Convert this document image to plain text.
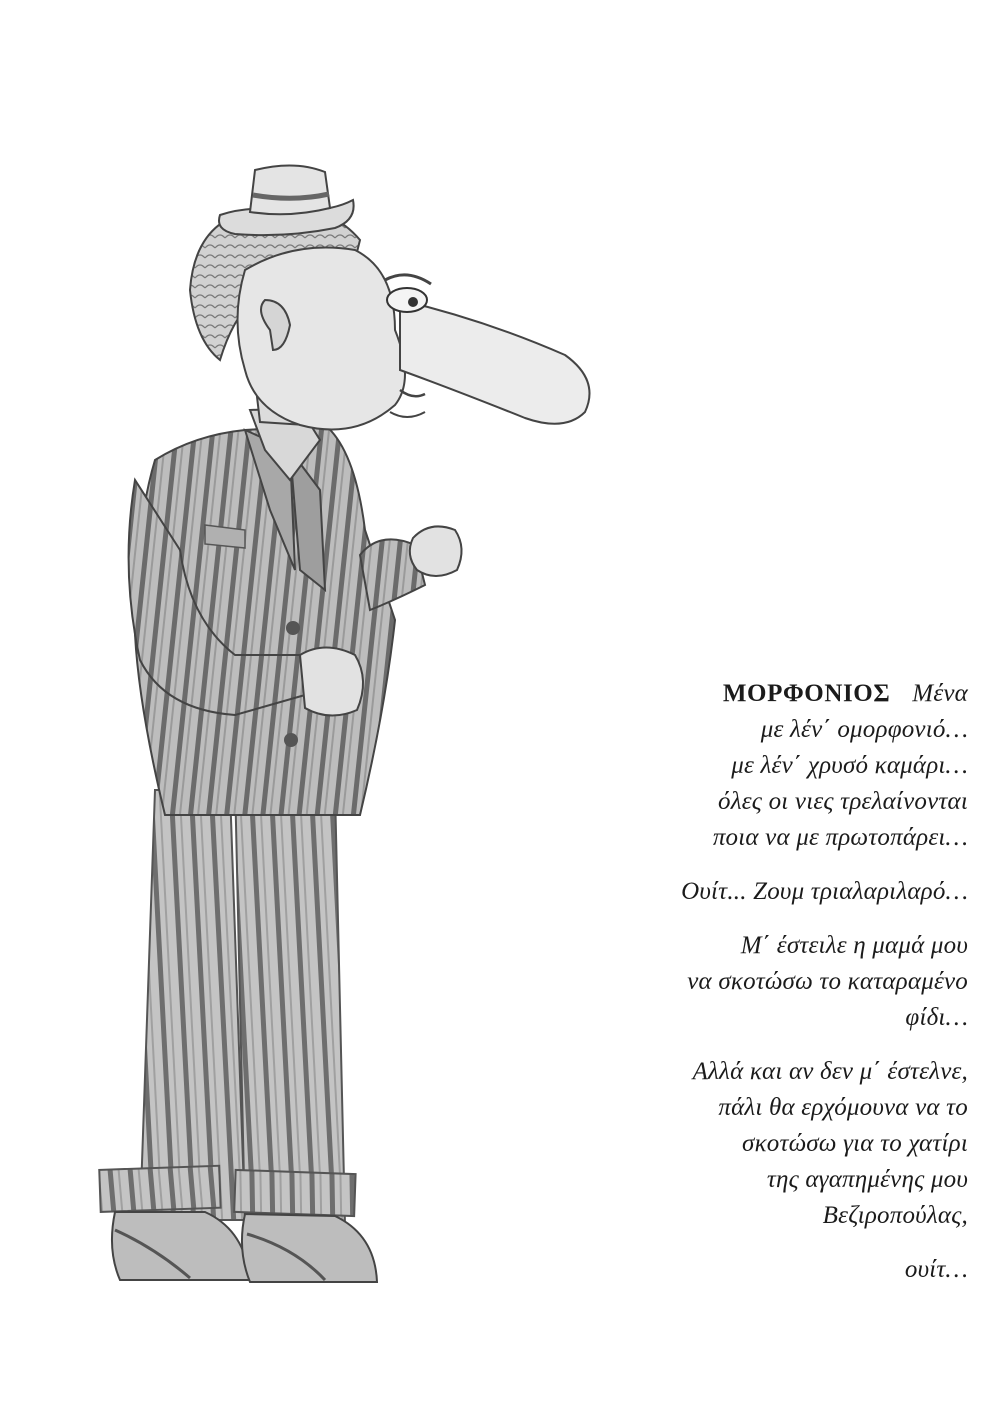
ΜΟΡΦΟΝΙΟΣ Μένα
με λέν΄ ομορφονιό…
με λέν΄ χρυσό καμάρι…
όλες οι νιες τρελαίνονται
ποια να με πρωτοπάρει…
Ουίτ... Ζουμ τριαλαριλαρό…
Μ΄ έστειλε η μαμά μου
να σκοτώσω το καταραμένο
φίδι…
Αλλά και αν δεν μ΄ έστελνε,
πάλι θα ερχόμουνα να το
σκοτώσω για το χατίρι
της αγαπημένης μου
Βεζιροπούλας,
ουίτ…
